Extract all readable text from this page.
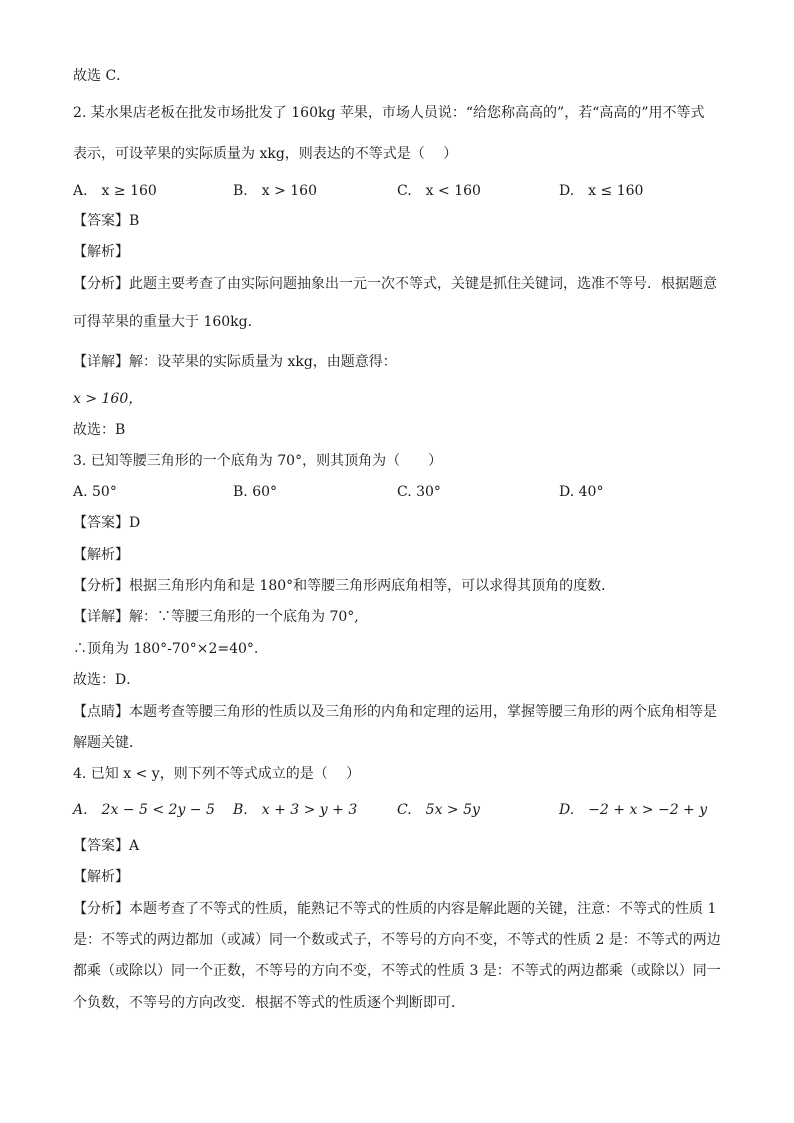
故选 C．
2. 某水果店老板在批发市场批发了 160kg 苹果，市场人员说：“给您称高高的”，若“高高的”用不等式
表示，可设苹果的实际质量为 xkg，则表达的不等式是（　 ）
A.　x ≥ 160	B.　x > 160	C.　x < 160	D.　x ≤ 160
【答案】B
【解析】
【分析】此题主要考查了由实际问题抽象出一元一次不等式，关键是抓住关键词，选准不等号．根据题意
可得苹果的重量大于 160kg．
【详解】解：设苹果的实际质量为 xkg，由题意得：
x > 160，
故选：B
3. 已知等腰三角形的一个底角为 70°，则其顶角为（　　）
A. 50°	B. 60°	C. 30°	D. 40°
【答案】D
【解析】
【分析】根据三角形内角和是 180°和等腰三角形两底角相等，可以求得其顶角的度数．
【详解】解：∵等腰三角形的一个底角为 70°,
∴顶角为 180°-70°×2=40°.
故选：D．
【点睛】本题考查等腰三角形的性质以及三角形的内角和定理的运用，掌握等腰三角形的两个底角相等是
解题关键．
4. 已知 x < y，则下列不等式成立的是（　 ）
A.　2x − 5 < 2y − 5 B.　x + 3 > y + 3	C.　5x > 5y	D.　−2 + x > −2 + y
【答案】A
【解析】
【分析】本题考查了不等式的性质，能熟记不等式的性质的内容是解此题的关键，注意：不等式的性质 1
是：不等式的两边都加（或减）同一个数或式子，不等号的方向不变，不等式的性质 2 是：不等式的两边
都乘（或除以）同一个正数，不等号的方向不变，不等式的性质 3 是：不等式的两边都乘（或除以）同一
个负数，不等号的方向改变．根据不等式的性质逐个判断即可．
